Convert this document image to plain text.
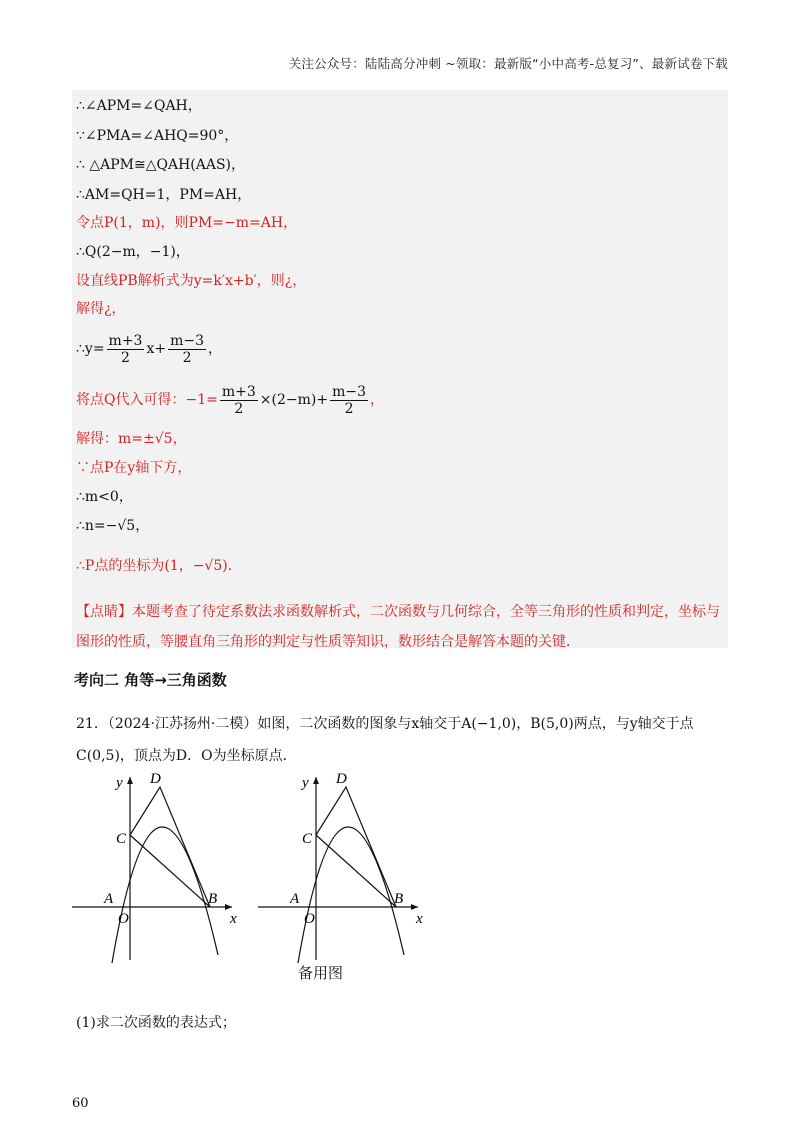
关注公众号：陆陆高分冲刺 ~领取：最新版“小中高考-总复习”、最新试卷下载
∴∠APM=∠QAH，
∵∠PMA=∠AHQ=90°，
∴ △APM≅△QAH(AAS)，
∴AM=QH=1，PM=AH，
令点P(1，m)，则PM=−m=AH，
∴Q(2−m，−1)，
设直线PB解析式为y=k′x+b′，则¿，
解得¿，
∴y= $\frac{m+3}{2} x+ \frac{m-3}{2}$ ，
将点Q代入可得：$-1= \frac{m+3}{2} \times(2-m)+ \frac{m-3}{2}$ ，
解得：m=±√5，
∵点P在y轴下方，
∴m<0，
∴n=−√5，
∴P点的坐标为(1，−√5)．
【点睛】本题考查了待定系数法求函数解析式，二次函数与几何综合，全等三角形的性质和判定，坐标与图形的性质，等腰直角三角形的判定与性质等知识，数形结合是解答本题的关键．
考向二 角等→三角函数
21．（2024·江苏扬州·二模）如图，二次函数的图象与x轴交于A(−1,0)，B(5,0)两点，与y轴交于点C(0,5)，顶点为D．O为坐标原点．
y D
C
A
O
B
x
y D
C
A
O
B
x
备用图
(1)求二次函数的表达式；
60
